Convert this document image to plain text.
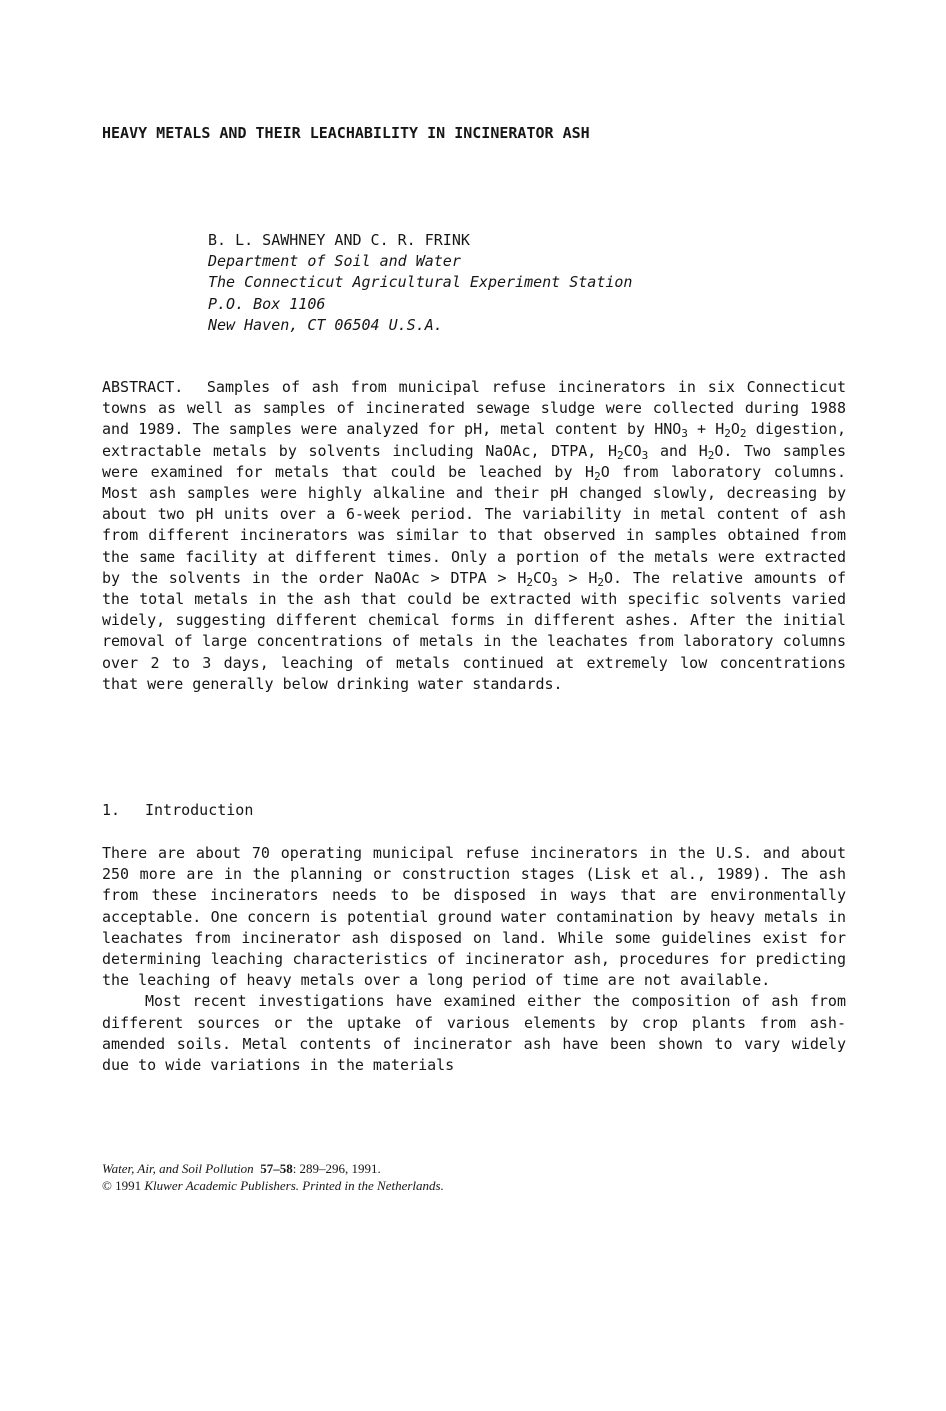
HEAVY METALS AND THEIR LEACHABILITY IN INCINERATOR ASH
B. L. SAWHNEY AND C. R. FRINK
Department of Soil and Water
The Connecticut Agricultural Experiment Station
P.O. Box 1106
New Haven, CT 06504 U.S.A.
ABSTRACT. Samples of ash from municipal refuse incinerators in six Connecticut towns as well as samples of incinerated sewage sludge were collected during 1988 and 1989. The samples were analyzed for pH, metal content by $HNO_3 + H_2O_2$ digestion, extractable metals by solvents including NaOAc, DTPA, $H_2CO_3$ and $H_2O$. Two samples were examined for metals that could be leached by $H_2O$ from laboratory columns. Most ash samples were highly alkaline and their pH changed slowly, decreasing by about two pH units over a 6-week period. The variability in metal content of ash from different incinerators was similar to that observed in samples obtained from the same facility at different times. Only a portion of the metals were extracted by the solvents in the order NaOAc > DTPA > $H_2CO_3 > H_2O$. The relative amounts of the total metals in the ash that could be extracted with specific solvents varied widely, suggesting different chemical forms in different ashes. After the initial removal of large concentrations of metals in the leachates from laboratory columns over 2 to 3 days, leaching of metals continued at extremely low concentrations that were generally below drinking water standards.
1. Introduction

There are about 70 operating municipal refuse incinerators in the U.S. and about 250 more are in the planning or construction stages (Lisk et al., 1989). The ash from these incinerators needs to be disposed in ways that are environmentally acceptable. One concern is potential ground water contamination by heavy metals in leachates from incinerator ash disposed on land. While some guidelines exist for determining leaching characteristics of incinerator ash, procedures for predicting the leaching of heavy metals over a long period of time are not available.

Most recent investigations have examined either the composition of ash from different sources or the uptake of various elements by crop plants from ash-amended soils. Metal contents of incinerator ash have been shown to vary widely due to wide variations in the materials

Water, Air, and Soil Pollution 57–58: 289–296, 1991.
© 1991 Kluwer Academic Publishers. Printed in the Netherlands.
